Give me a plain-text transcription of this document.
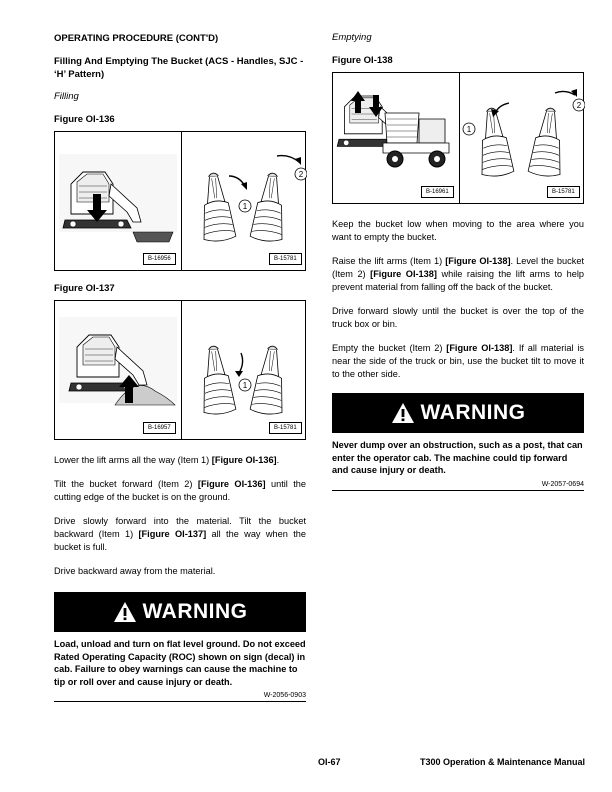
OPERATING PROCEDURE (CONT'D)
Filling And Emptying The Bucket (ACS - Handles, SJC - ‘H’ Pattern)
Filling
Figure OI-136
2
1
B-16956	B-15781
Figure OI-137
1
B-16957	B-15781

Lower the lift arms all the way (Item 1) [Figure OI-136].

Tilt the bucket forward (Item 2) [Figure OI-136] until the cutting edge of the bucket is on the ground.

Drive slowly forward into the material. Tilt the bucket backward (Item 1) [Figure OI-137] all the way when the bucket is full.

Drive backward away from the material.

WARNING
Load, unload and turn on flat level ground. Do not exceed Rated Operating Capacity (ROC) shown on sign (decal) in cab. Failure to obey warnings can cause the machine to tip or roll over and cause injury or death.
W-2056-0903
Emptying
Figure OI-138
2
1
B-16961	B-15781

Keep the bucket low when moving to the area where you want to empty the bucket.

Raise the lift arms (Item 1) [Figure OI-138]. Level the bucket (Item 2) [Figure OI-138] while raising the lift arms to help prevent material from falling off the back of the bucket.

Drive forward slowly until the bucket is over the top of the truck box or bin.

Empty the bucket (Item 2) [Figure OI-138]. If all material is near the side of the truck or bin, use the bucket tilt to move it to the other side.

WARNING
Never dump over an obstruction, such as a post, that can enter the operator cab. The machine could tip forward and cause injury or death.
W-2057-0694
OI-67	T300 Operation & Maintenance Manual
